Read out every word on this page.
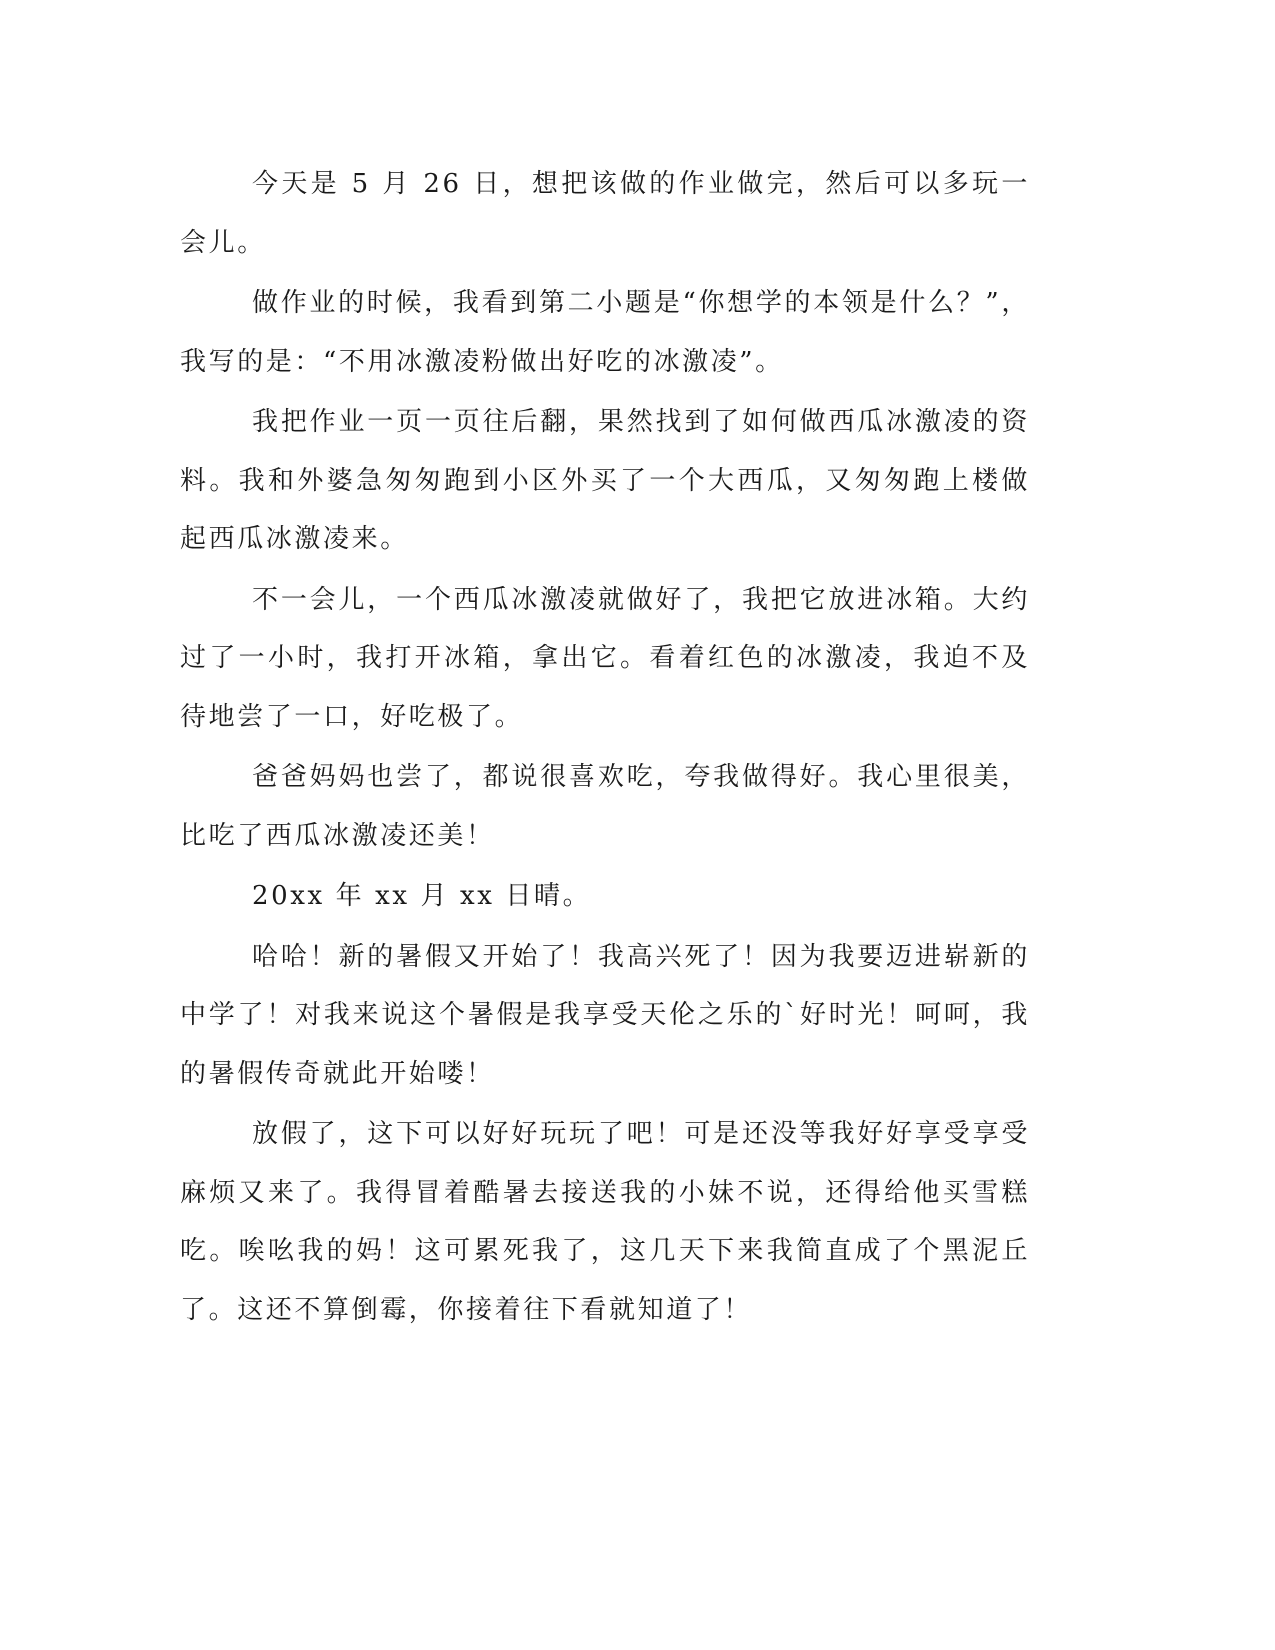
今天是 5 月 26 日，想把该做的作业做完，然后可以多玩一会儿。

做作业的时候，我看到第二小题是“你想学的本领是什么？”，我写的是：“不用冰激凌粉做出好吃的冰激凌”。

我把作业一页一页往后翻，果然找到了如何做西瓜冰激凌的资料。我和外婆急匆匆跑到小区外买了一个大西瓜，又匆匆跑上楼做起西瓜冰激凌来。

不一会儿，一个西瓜冰激凌就做好了，我把它放进冰箱。大约过了一小时，我打开冰箱，拿出它。看着红色的冰激凌，我迫不及待地尝了一口，好吃极了。

爸爸妈妈也尝了，都说很喜欢吃，夸我做得好。我心里很美，比吃了西瓜冰激凌还美！

20xx 年 xx 月 xx 日晴。

哈哈！新的暑假又开始了！我高兴死了！因为我要迈进崭新的中学了！对我来说这个暑假是我享受天伦之乐的`好时光！呵呵，我的暑假传奇就此开始喽！

放假了，这下可以好好玩玩了吧！可是还没等我好好享受享受麻烦又来了。我得冒着酷暑去接送我的小妹不说，还得给他买雪糕吃。唉吆我的妈！这可累死我了，这几天下来我简直成了个黑泥丘了。这还不算倒霉，你接着往下看就知道了！
